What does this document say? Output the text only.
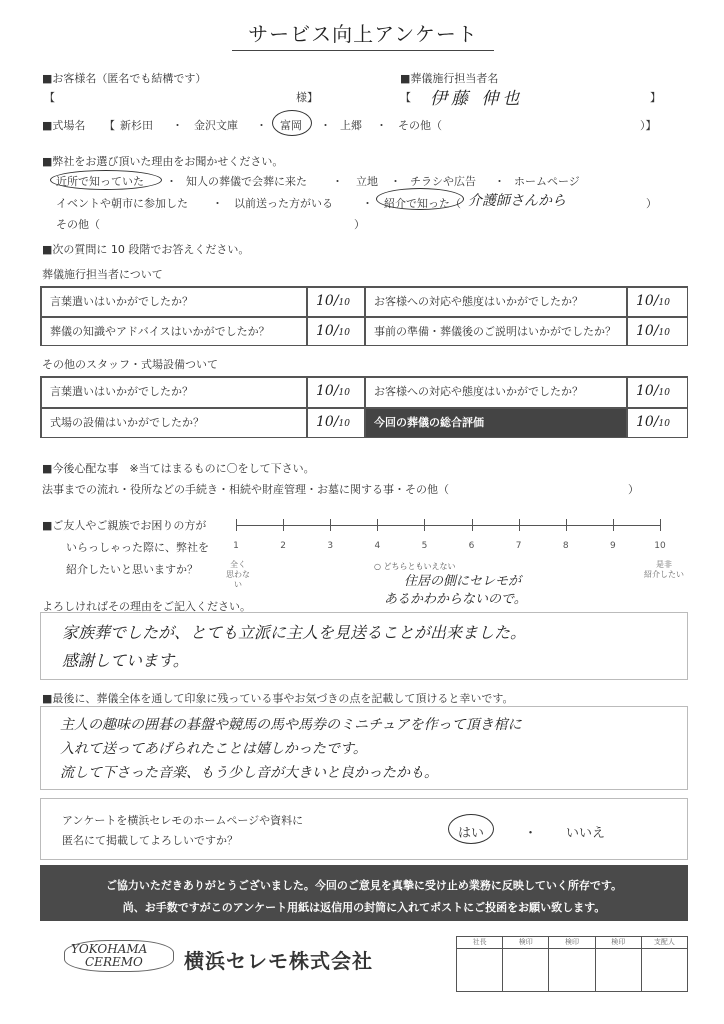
サービス向上アンケート
■お客様名（匿名でも結構です）
【	様】
■葬儀施行担当者名
【 伊藤 伸也	】
■式場名 【 新杉田 ・ 金沢文庫 ・ 富岡 ・ 上郷 ・ その他（	）】
■弊社をお選び頂いた理由をお聞かせください。
近所で知っていた ・ 知人の葬儀で会葬に来た ・ 立地 ・ チラシや広告 ・ ホームページ
イベントや朝市に参加した ・ 以前送った方がいる	・ 紹介で知った（ 介護師さんから	）
その他（	）
■次の質問に 10 段階でお答えください。
葬儀施行担当者について
言葉遣いはいかがでしたか？	10/10	お客様への対応や態度はいかがでしたか？	10/10
葬儀の知識やアドバイスはいかがでしたか？	10/10	事前の準備・葬儀後のご説明はいかがでしたか？	10/10
その他のスタッフ・式場設備ついて
言葉遣いはいかがでしたか？	10/10	お客様への対応や態度はいかがでしたか？	10/10
式場の設備はいかがでしたか？	10/10	今回の葬儀の総合評価	10/10
■今後心配な事　※当てはまるものに〇をして下さい。
法事までの流れ・役所などの手続き・相続や財産管理・お墓に関する事・その他（	）
■ご友人やご親族でお困りの方が
いらっしゃった際に、弊社を
紹介したいと思いますか？
1	2	3	4	5	6	7	8	9	10
全く
思わない
○ どちらともいえない	是非
紹介したい
住居の側にセレモが
あるかわからないので。
よろしければその理由をご記入ください。
家族葬でしたが、とても立派に主人を見送ることが出来ました。
感謝しています。
■最後に、葬儀全体を通して印象に残っている事やお気づきの点を記載して頂けると幸いです。
主人の趣味の囲碁の碁盤や競馬の馬や馬券のミニチュアを作って頂き棺に
入れて送ってあげられたことは嬉しかったです。
流して下さった音楽、もう少し音が大きいと良かったかも。
アンケートを横浜セレモのホームページや資料に
匿名にて掲載してよろしいですか？	はい	・ いいえ
ご協力いただきありがとうございました。今回のご意見を真摯に受け止め業務に反映していく所存です。
尚、お手数ですがこのアンケート用紙は返信用の封筒に入れてポストにご投函をお願い致します。
YOKOHAMA
CEREMO	横浜セレモ株式会社
社長	検印	検印	検印	支配人
